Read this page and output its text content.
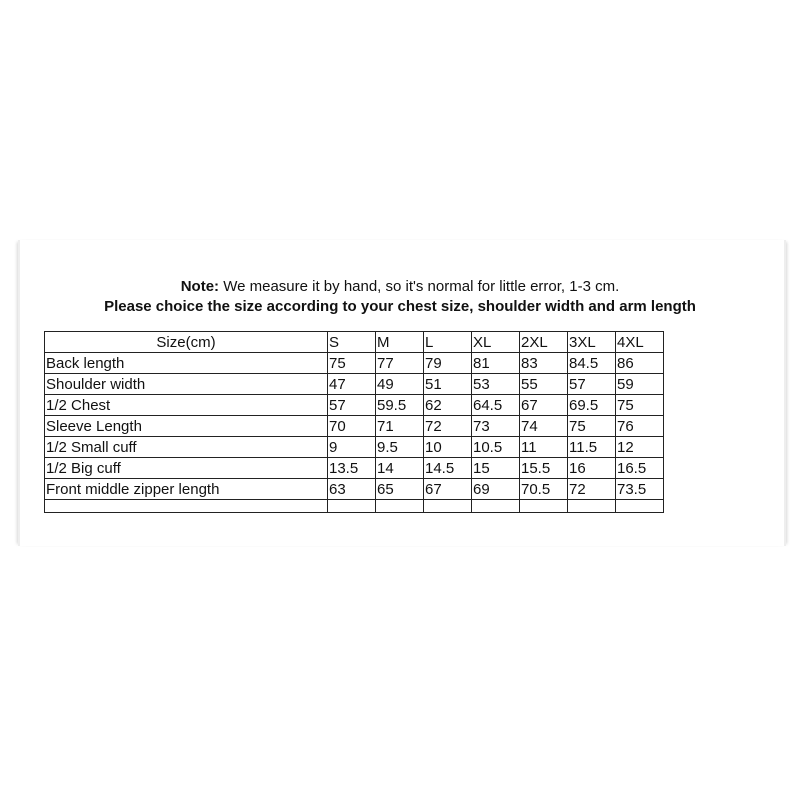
Note: We measure it by hand, so it's normal for little error, 1-3 cm.
Please choice the size according to your chest size, shoulder width and arm length
Size(cm)	S	M	L	XL	2XL	3XL	4XL
Back length	75	77	79	81	83	84.5	86
Shoulder width	47	49	51	53	55	57	59
1/2 Chest	57	59.5	62	64.5	67	69.5	75
Sleeve Length	70	71	72	73	74	75	76
1/2 Small cuff	9	9.5	10	10.5	11	11.5	12
1/2 Big cuff	13.5	14	14.5	15	15.5	16	16.5
Front middle zipper length	63	65	67	69	70.5	72	73.5
